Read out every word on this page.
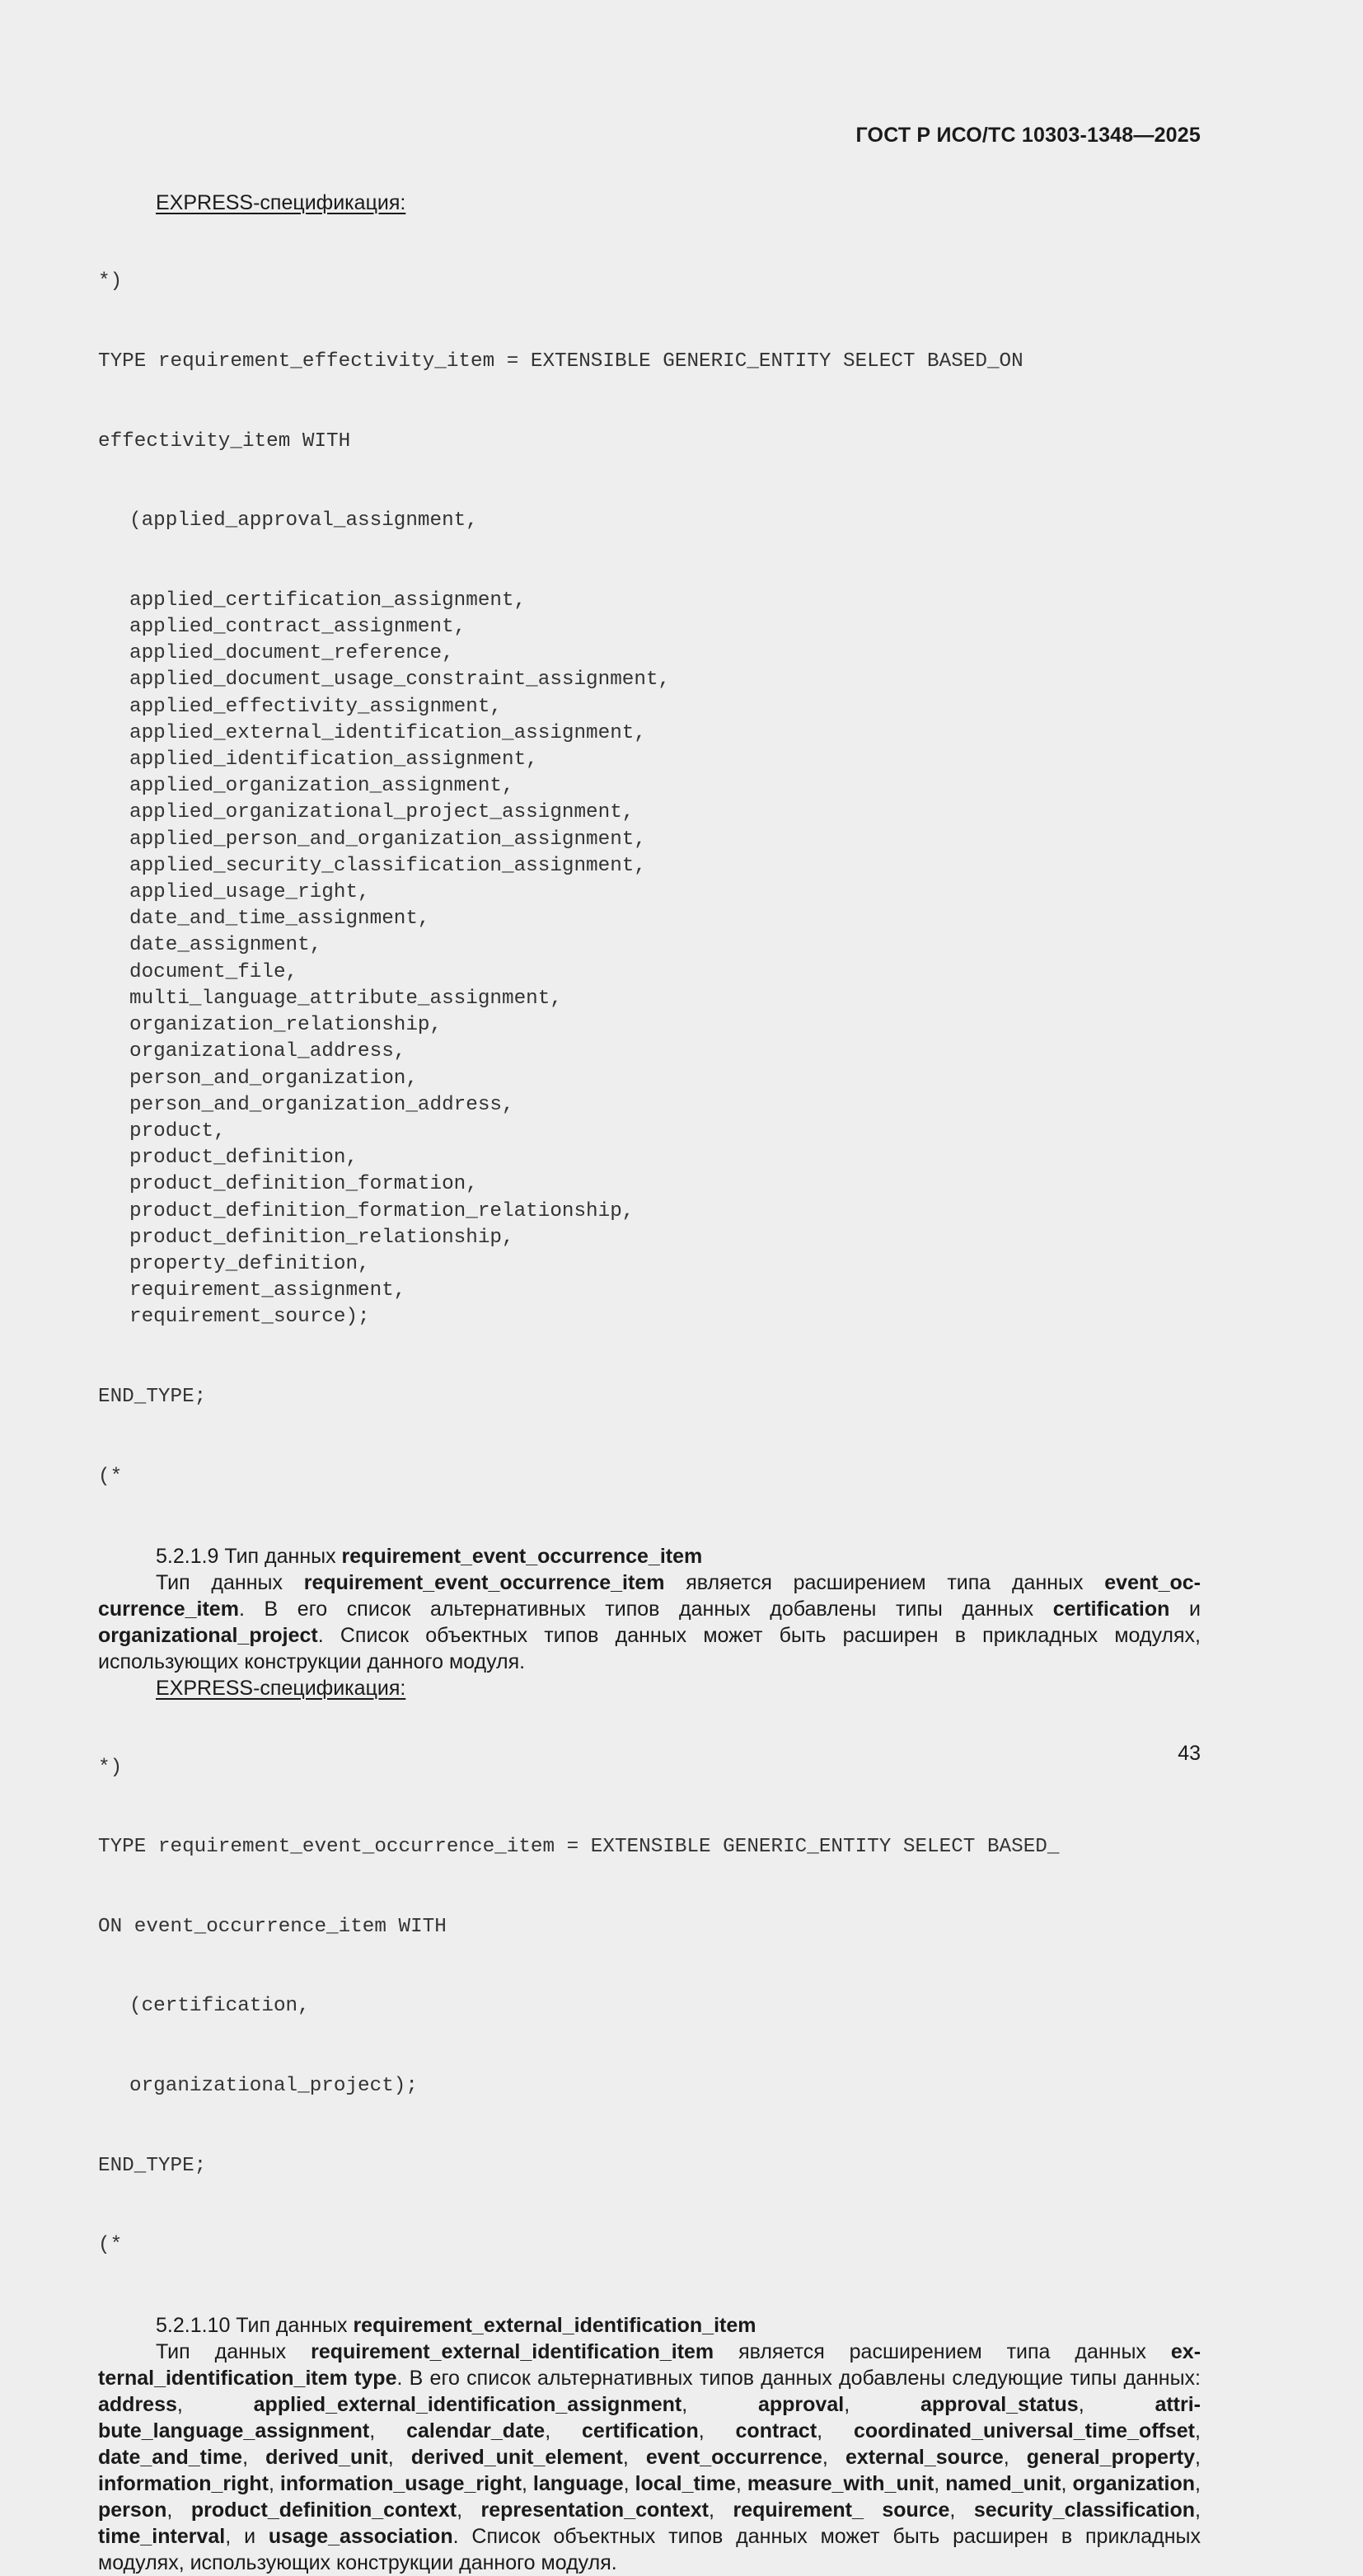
ГОСТ Р ИСО/ТС 10303-1348—2025

EXPRESS-спецификация:

*)

TYPE requirement_effectivity_item = EXTENSIBLE GENERIC_ENTITY SELECT BASED_ON

effectivity_item WITH

(applied_approval_assignment,

applied_certification_assignment,
applied_contract_assignment,
applied_document_reference,
applied_document_usage_constraint_assignment,
applied_effectivity_assignment,
applied_external_identification_assignment,
applied_identification_assignment,
applied_organization_assignment,
applied_organizational_project_assignment,
applied_person_and_organization_assignment,
applied_security_classification_assignment,
applied_usage_right,
date_and_time_assignment,
date_assignment,
document_file,
multi_language_attribute_assignment,
organization_relationship,
organizational_address,
person_and_organization,
person_and_organization_address,
product,
product_definition,
product_definition_formation,
product_definition_formation_relationship,
product_definition_relationship,
property_definition,
requirement_assignment,
requirement_source);

END_TYPE;

(*

5.2.1.9 Тип данных requirement_event_occurrence_item

Тип данных requirement_event_occurrence_item является расширением типа данных event_occurrence_item. В его список альтернативных типов данных добавлены типы данных certification и organizational_project. Список объектных типов данных может быть расширен в прикладных модулях, использующих конструкции данного модуля.

EXPRESS-спецификация:

*)

TYPE requirement_event_occurrence_item = EXTENSIBLE GENERIC_ENTITY SELECT BASED_

ON event_occurrence_item WITH

(certification,

organizational_project);

END_TYPE;

(*

5.2.1.10 Тип данных requirement_external_identification_item

Тип данных requirement_external_identification_item является расширением типа данных external_identification_item type. В его список альтернативных типов данных добавлены следующие типы данных: address, applied_external_identification_assignment, approval, approval_status, attribute_language_assignment, calendar_date, certification, contract, coordinated_universal_time_offset, date_and_time, derived_unit, derived_unit_element, event_occurrence, external_source, general_property, information_right, information_usage_right, language, local_time, measure_with_unit, named_unit, organization, person, product_definition_context, representation_context, requirement_ source, security_classification, time_interval, и usage_association. Список объектных типов данных может быть расширен в прикладных модулях, использующих конструкции данного модуля.

43
